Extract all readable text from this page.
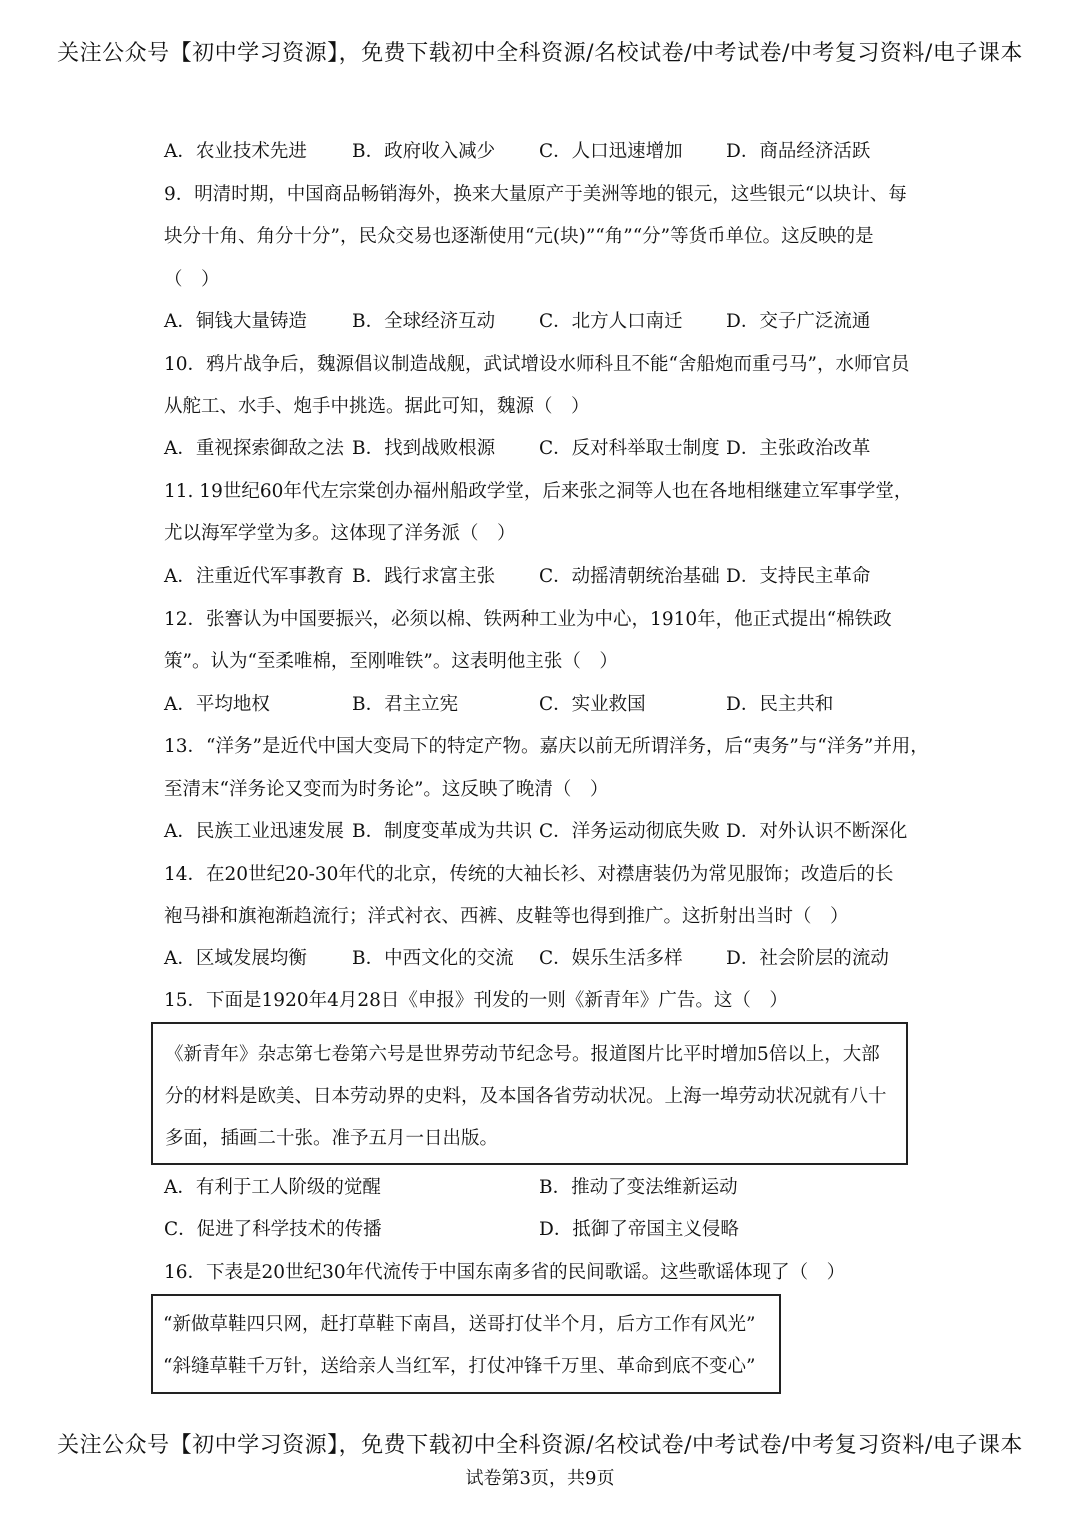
关注公众号【初中学习资源】，免费下载初中全科资源/名校试卷/中考试卷/中考复习资料/电子课本
A．农业技术先进 B．政府收入减少 C．人口迅速增加 D．商品经济活跃
9．明清时期，中国商品畅销海外，换来大量原产于美洲等地的银元，这些银元“以块计、每
块分十角、角分十分”，民众交易也逐渐使用“元(块)”“角”“分”等货币单位。这反映的是
（　）
A．铜钱大量铸造 B．全球经济互动 C．北方人口南迁 D．交子广泛流通
10．鸦片战争后，魏源倡议制造战舰，武试增设水师科且不能“舍船炮而重弓马”，水师官员
从舵工、水手、炮手中挑选。据此可知，魏源（　）
A．重视探索御敌之法 B．找到战败根源 C．反对科举取士制度 D．主张政治改革
11. 19世纪60年代左宗棠创办福州船政学堂，后来张之洞等人也在各地相继建立军事学堂，
尤以海军学堂为多。这体现了洋务派（　）
A．注重近代军事教育 B．践行求富主张 C．动摇清朝统治基础 D．支持民主革命
12．张謇认为中国要振兴，必须以棉、铁两种工业为中心，1910年，他正式提出“棉铁政
策”。认为“至柔唯棉，至刚唯铁”。这表明他主张（　）
A．平均地权	B．君主立宪	C．实业救国	D．民主共和
13．“洋务”是近代中国大变局下的特定产物。嘉庆以前无所谓洋务，后“夷务”与“洋务”并用，
至清末“洋务论又变而为时务论”。这反映了晚清（　）
A．民族工业迅速发展 B．制度变革成为共识 C．洋务运动彻底失败 D．对外认识不断深化
14．在20世纪20-30年代的北京，传统的大袖长衫、对襟唐装仍为常见服饰；改造后的长
袍马褂和旗袍渐趋流行；洋式衬衣、西裤、皮鞋等也得到推广。这折射出当时（　）
A．区域发展均衡 B．中西文化的交流 C．娱乐生活多样 D．社会阶层的流动
15．下面是1920年4月28日《申报》刊发的一则《新青年》广告。这（　）
《新青年》杂志第七卷第六号是世界劳动节纪念号。报道图片比平时增加5倍以上，大部
分的材料是欧美、日本劳动界的史料，及本国各省劳动状况。上海一埠劳动状况就有八十
多面，插画二十张。准予五月一日出版。
A．有利于工人阶级的觉醒	B．推动了变法维新运动
C．促进了科学技术的传播	D．抵御了帝国主义侵略
16．下表是20世纪30年代流传于中国东南多省的民间歌谣。这些歌谣体现了（　）
“新做草鞋四只网，赶打草鞋下南昌，送哥打仗半个月，后方工作有风光”
“斜缝草鞋千万针，送给亲人当红军，打仗冲锋千万里、革命到底不变心”
关注公众号【初中学习资源】，免费下载初中全科资源/名校试卷/中考试卷/中考复习资料/电子课本
试卷第3页，共9页
